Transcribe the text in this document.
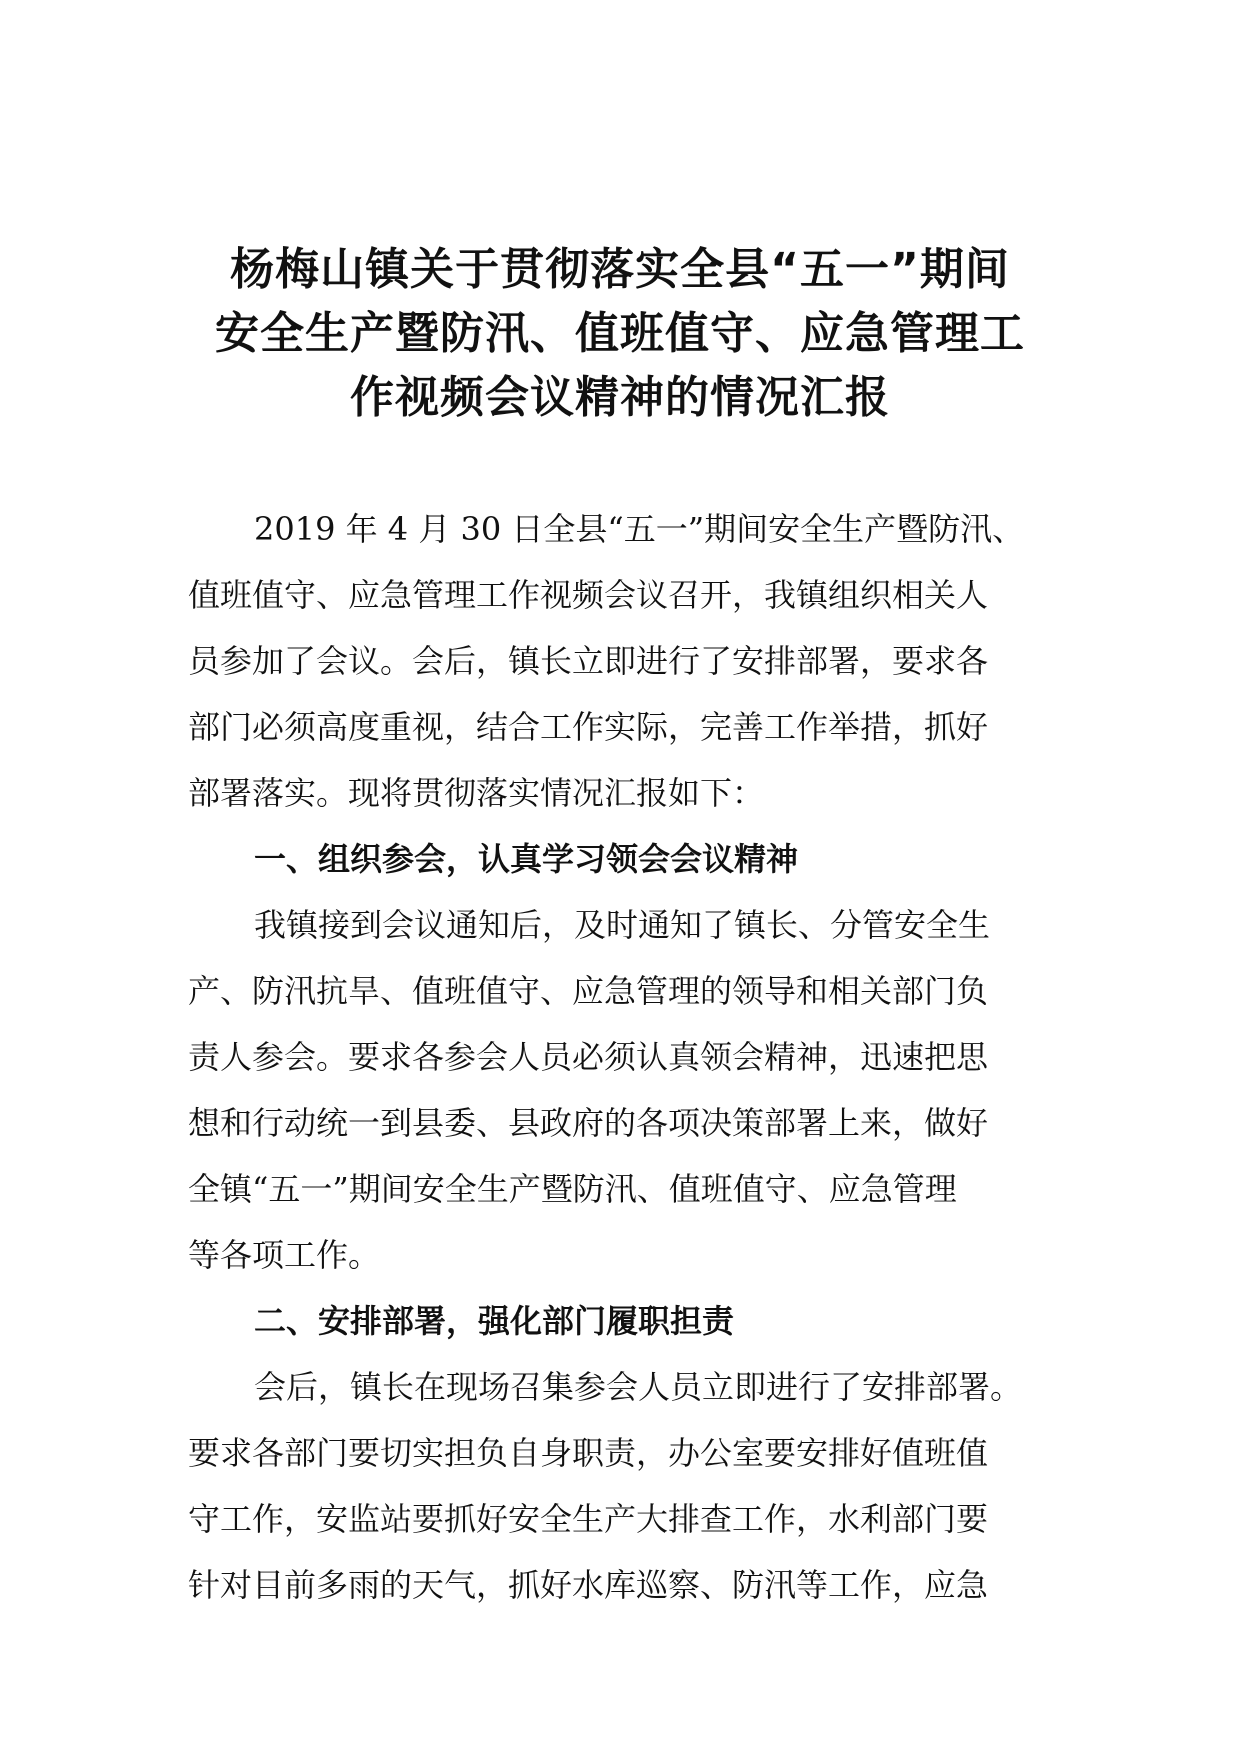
杨梅山镇关于贯彻落实全县“五一”期间
安全生产暨防汛、值班值守、应急管理工
作视频会议精神的情况汇报
2019 年 4 月 30 日全县“五一”期间安全生产暨防汛、
值班值守、应急管理工作视频会议召开，我镇组织相关人
员参加了会议。会后，镇长立即进行了安排部署，要求各
部门必须高度重视，结合工作实际，完善工作举措，抓好
部署落实。现将贯彻落实情况汇报如下：
一、组织参会，认真学习领会会议精神
我镇接到会议通知后，及时通知了镇长、分管安全生
产、防汛抗旱、值班值守、应急管理的领导和相关部门负
责人参会。要求各参会人员必须认真领会精神，迅速把思
想和行动统一到县委、县政府的各项决策部署上来，做好
全镇“五一”期间安全生产暨防汛、值班值守、应急管理
等各项工作。
二、安排部署，强化部门履职担责
会后，镇长在现场召集参会人员立即进行了安排部署。
要求各部门要切实担负自身职责，办公室要安排好值班值
守工作，安监站要抓好安全生产大排查工作，水利部门要
针对目前多雨的天气，抓好水库巡察、防汛等工作，应急
